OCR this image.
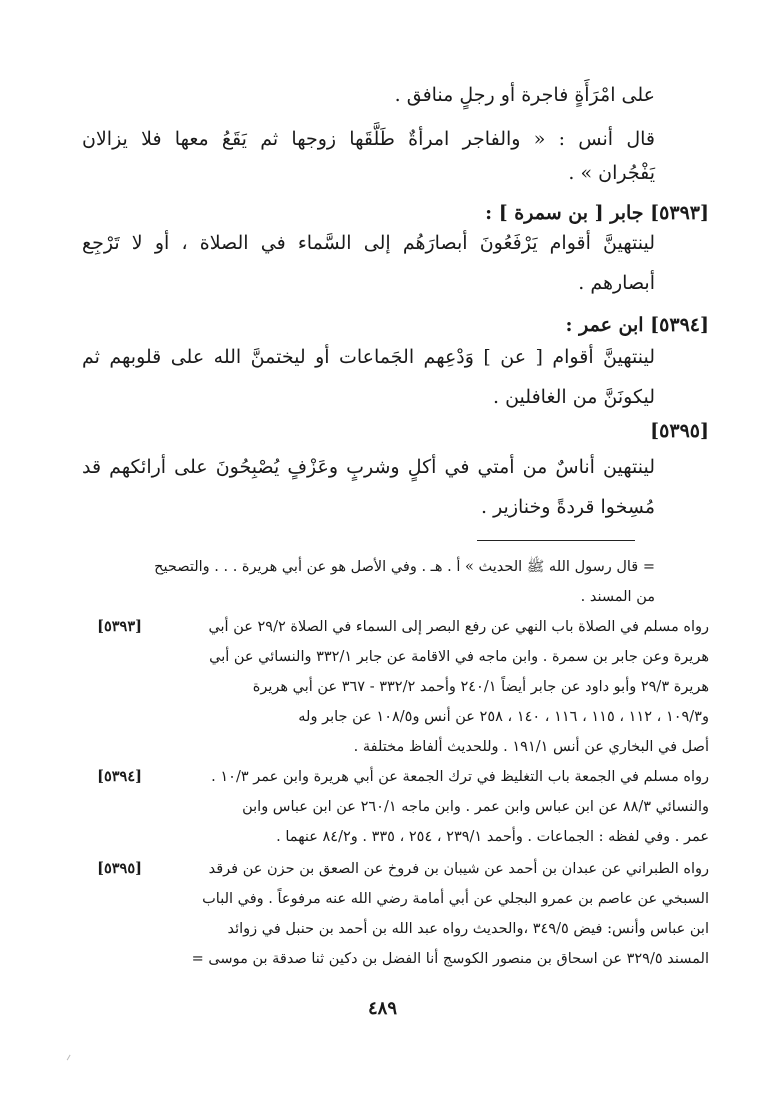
على امْرَأَةٍ فاجرة أو رجلٍ منافق .
قال أنس : « والفاجر امرأةٌ طَلَّقَها زوجها ثم يَقَعُ معها فلا يزالان
يَفْجُران » .
[٥٣٩٣] جابر [ بن سمرة ] :
لينتهينَّ أقوام يَرْفَعُونَ أبصارَهُم إلى السَّماء في الصلاة ، أو لا تَرْجِع
أبصارهم .
[٥٣٩٤] ابن عمر :
لينتهينَّ أقوام [ عن ] وَدْعِهم الجَماعات أو ليختمنَّ الله على قلوبهم ثم
ليكونَنَّ من الغافلين .
[٥٣٩٥]
لينتهين أناسٌ من أمتي في أكلٍ وشربٍ وعَزْفٍ يُصْبِحُونَ على أرائكهم قد
مُسِخوا قردةً وخنازير .
= قال رسول الله ﷺ الحديث » أ . هـ . وفي الأصل هو عن أبي هريرة . . . والتصحيح
من المسند .
[٥٣٩٣]	رواه مسلم في الصلاة باب النهي عن رفع البصر إلى السماء في الصلاة ٢٩/٢ عن أبي
هريرة وعن جابر بن سمرة . وابن ماجه في الاقامة عن جابر ٣٣٢/١ والنسائي عن أبي
هريرة ٢٩/٣ وأبو داود عن جابر أيضاً ٢٤٠/١ وأحمد ٣٣٢/٢ - ٣٦٧ عن أبي هريرة
و١٠٩/٣ ، ١١٢ ، ١١٥ ، ١١٦ ، ١٤٠ ، ٢٥٨ عن أنس و١٠٨/٥ عن جابر وله
أصل في البخاري عن أنس ١٩١/١ . وللحديث ألفاظ مختلفة .
[٥٣٩٤]	رواه مسلم في الجمعة باب التغليظ في ترك الجمعة عن أبي هريرة وابن عمر ١٠/٣ .
والنسائي ٨٨/٣ عن ابن عباس وابن عمر . وابن ماجه ٢٦٠/١ عن ابن عباس وابن
عمر . وفي لفظه : الجماعات . وأحمد ٢٣٩/١ ، ٢٥٤ ، ٣٣٥ . و٨٤/٢ عنهما .
[٥٣٩٥]	رواه الطبراني عن عبدان بن أحمد عن شيبان بن فروخ عن الصعق بن حزن عن فرقد
السبخي عن عاصم بن عمرو البجلي عن أبي أمامة رضي الله عنه مرفوعاً . وفي الباب
ابن عباس وأنس: فيض ٣٤٩/٥ ،والحديث رواه عبد الله بن أحمد بن حنبل في زوائد
المسند ٣٢٩/٥ عن اسحاق بن منصور الكوسج أنا الفضل بن دكين ثنا صدقة بن موسى =
٤٨٩
